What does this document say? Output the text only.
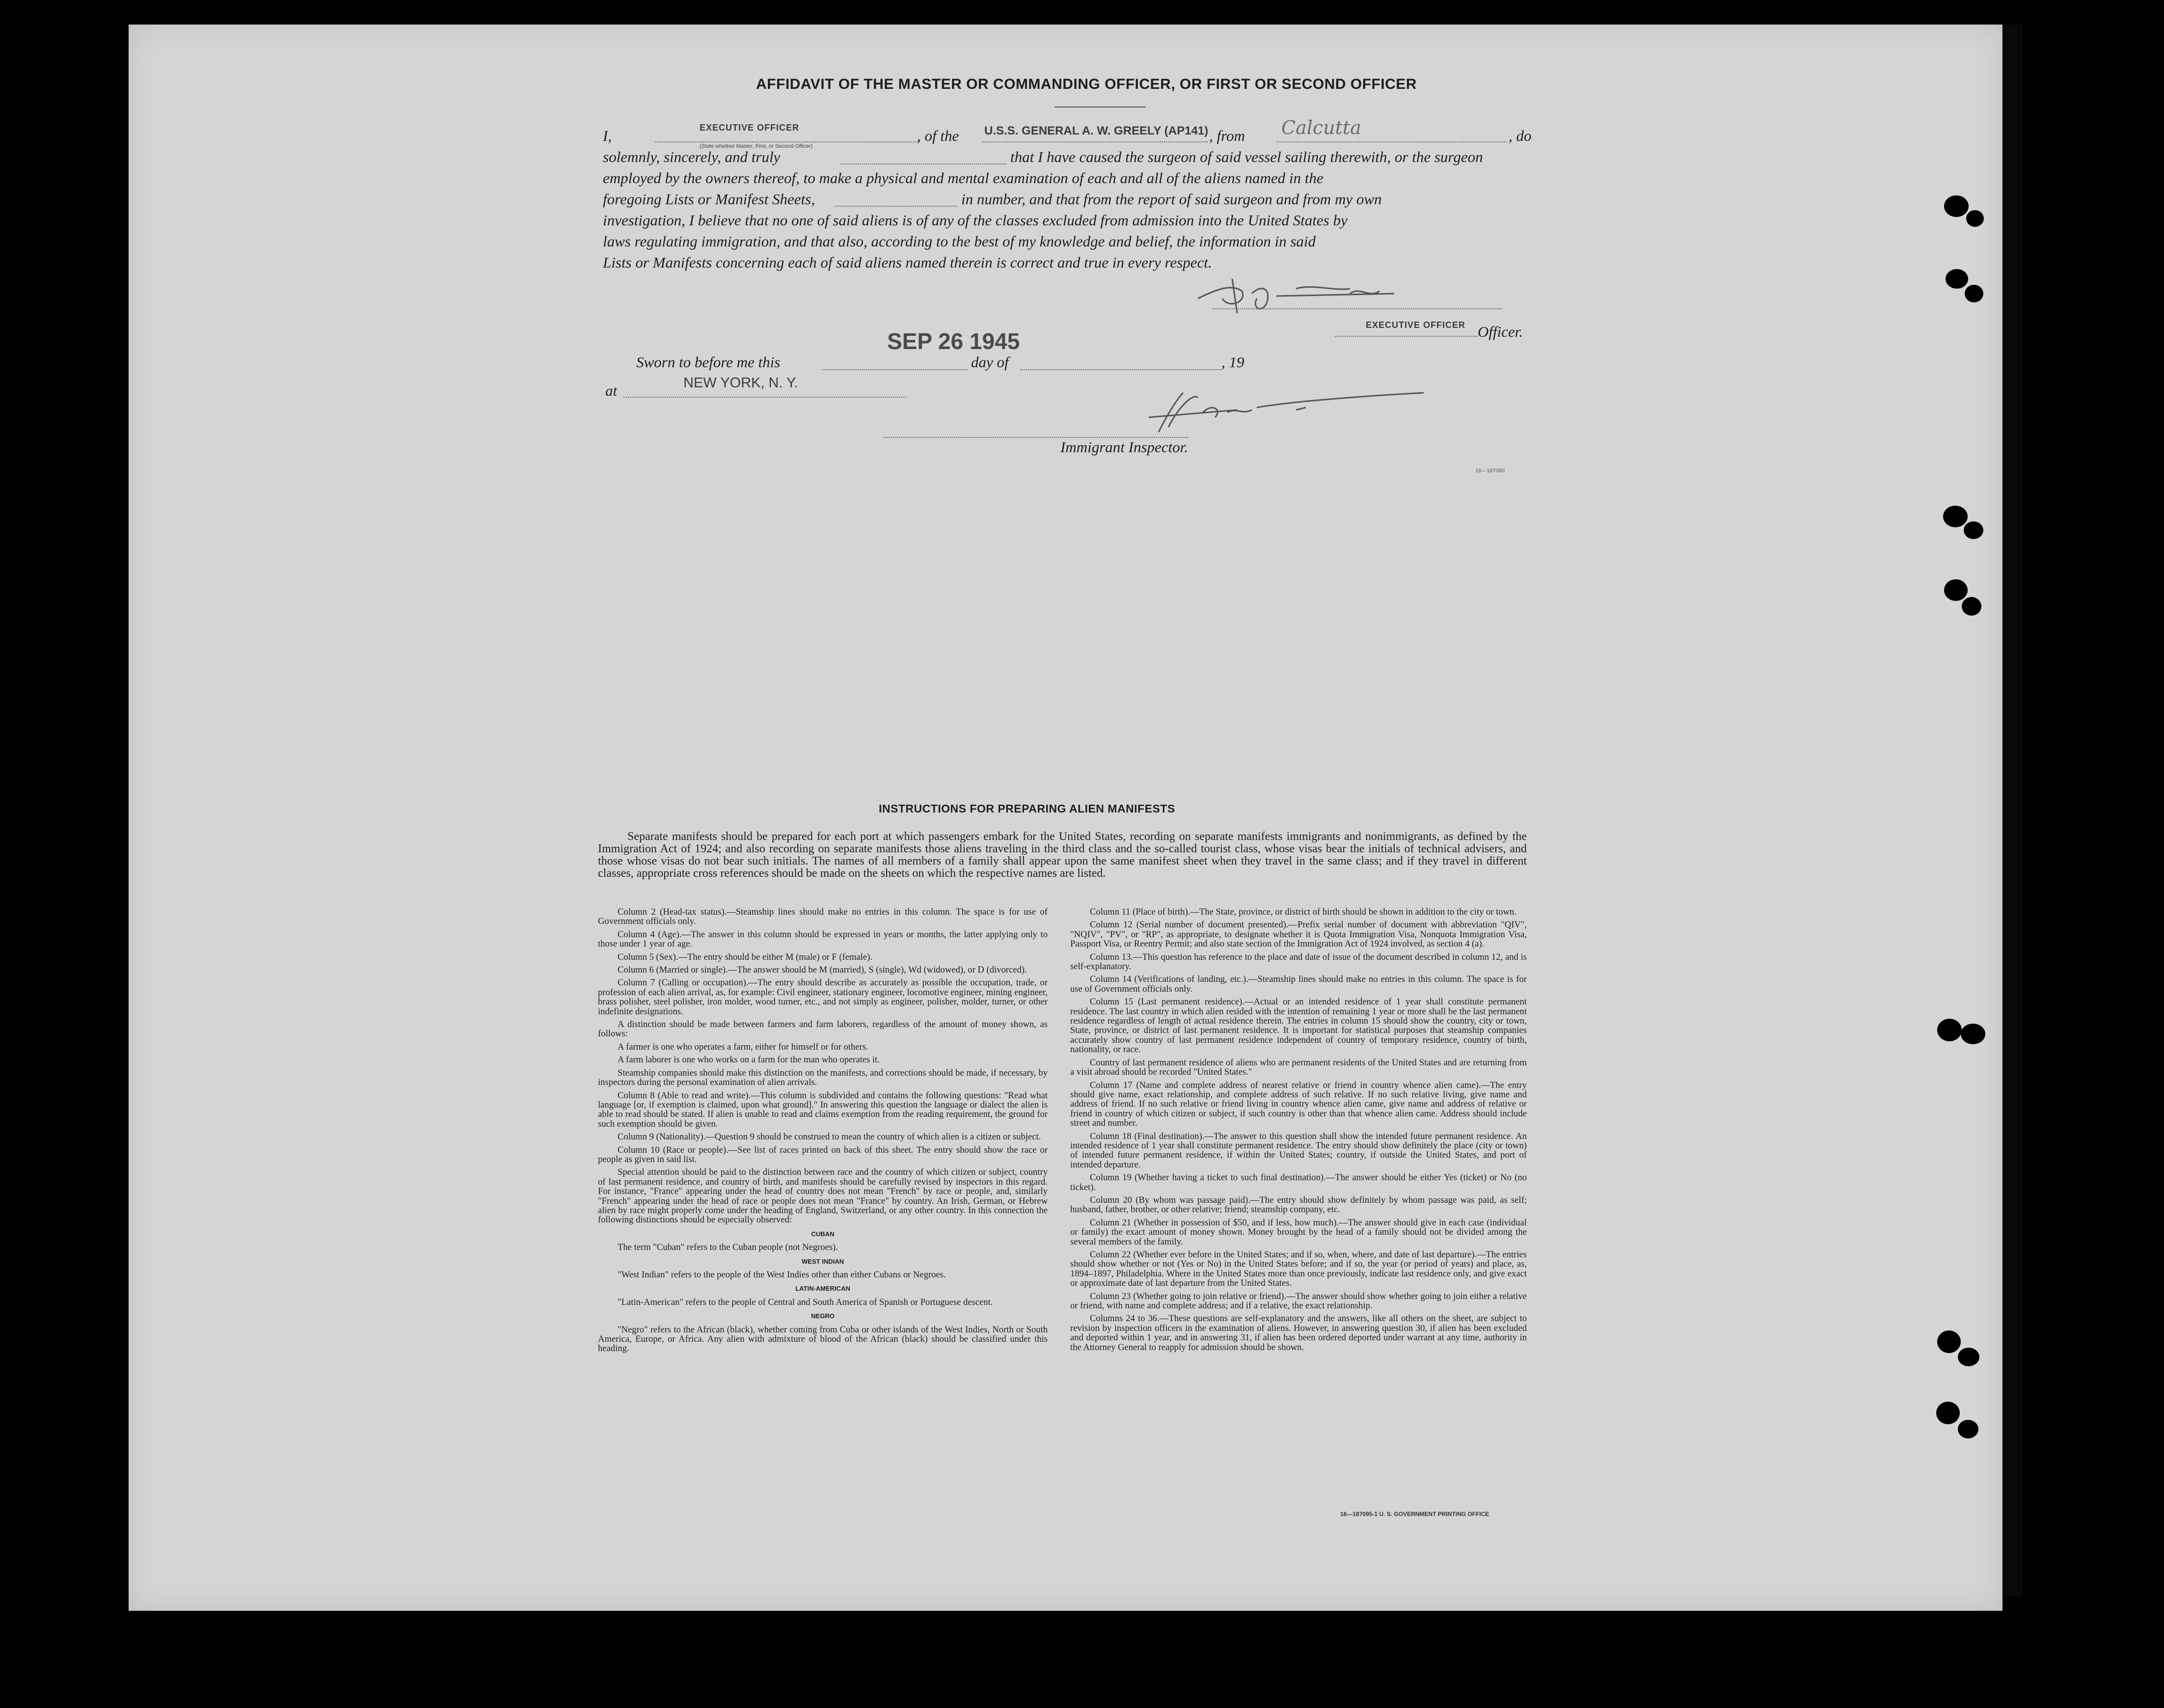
AFFIDAVIT OF THE MASTER OR COMMANDING OFFICER, OR FIRST OR SECOND OFFICER
I,	, of the	, from	, do
EXECUTIVE OFFICER
(State whether Master, First, or Second Officer)
U.S.S. GENERAL A. W. GREELY (AP141)	Calcutta
solemnly, sincerely, and truly	that I have caused the surgeon of said vessel sailing therewith, or the surgeon
employed by the owners thereof, to make a physical and mental examination of each and all of the aliens named in the
foregoing Lists or Manifest Sheets,	in number, and that from the report of said surgeon and from my own
investigation, I believe that no one of said aliens is of any of the classes excluded from admission into the United States by
laws regulating immigration, and that also, according to the best of my knowledge and belief, the information in said
Lists or Manifests concerning each of said aliens named therein is correct and true in every respect.
EXECUTIVE OFFICER Officer.
SEP 26 1945
Sworn to before me this	day of	, 19
at	NEW YORK, N. Y.
Immigrant Inspector.
16—187060
INSTRUCTIONS FOR PREPARING ALIEN MANIFESTS
Separate manifests should be prepared for each port at which passengers embark for the United States, recording on separate manifests immigrants and nonimmigrants, as defined by the Immigration Act of 1924; and also recording on separate manifests those aliens traveling in the third class and the so-called tourist class, whose visas bear the initials of technical advisers, and those whose visas do not bear such initials. The names of all members of a family shall appear upon the same manifest sheet when they travel in the same class; and if they travel in different classes, appropriate cross references should be made on the sheets on which the respective names are listed.

Column 2 (Head-tax status).—Steamship lines should make no entries in this column. The space is for use of Government officials only.

Column 4 (Age).—The answer in this column should be expressed in years or months, the latter applying only to those under 1 year of age.

Column 5 (Sex).—The entry should be either M (male) or F (female).

Column 6 (Married or single).—The answer should be M (married), S (single), Wd (widowed), or D (divorced).

Column 7 (Calling or occupation).—The entry should describe as accurately as possible the occupation, trade, or profession of each alien arrival, as, for example: Civil engineer, stationary engineer, locomotive engineer, mining engineer, brass polisher, steel polisher, iron molder, wood turner, etc., and not simply as engineer, polisher, molder, turner, or other indefinite designations.

A distinction should be made between farmers and farm laborers, regardless of the amount of money shown, as follows:

A farmer is one who operates a farm, either for himself or for others.

A farm laborer is one who works on a farm for the man who operates it.

Steamship companies should make this distinction on the manifests, and corrections should be made, if necessary, by inspectors during the personal examination of alien arrivals.

Column 8 (Able to read and write).—This column is subdivided and contains the following questions: "Read what language [or, if exemption is claimed, upon what ground]." In answering this question the language or dialect the alien is able to read should be stated. If alien is unable to read and claims exemption from the reading requirement, the ground for such exemption should be given.

Column 9 (Nationality).—Question 9 should be construed to mean the country of which alien is a citizen or subject.

Column 10 (Race or people).—See list of races printed on back of this sheet. The entry should show the race or people as given in said list.

Special attention should be paid to the distinction between race and the country of which citizen or subject, country of last permanent residence, and country of birth, and manifests should be carefully revised by inspectors in this regard. For instance, "France" appearing under the head of country does not mean "French" by race or people, and, similarly "French" appearing under the head of race or people does not mean "France" by country. An Irish, German, or Hebrew alien by race might properly come under the heading of England, Switzerland, or any other country. In this connection the following distinctions should be especially observed:

CUBAN

The term "Cuban" refers to the Cuban people (not Negroes).

WEST INDIAN

"West Indian" refers to the people of the West Indies other than either Cubans or Negroes.

LATIN-AMERICAN

"Latin-American" refers to the people of Central and South America of Spanish or Portuguese descent.

NEGRO

"Negro" refers to the African (black), whether coming from Cuba or other islands of the West Indies, North or South America, Europe, or Africa. Any alien with admixture of blood of the African (black) should be classified under this heading.

Column 11 (Place of birth).—The State, province, or district of birth should be shown in addition to the city or town.

Column 12 (Serial number of document presented).—Prefix serial number of document with abbreviation "QIV", "NQIV", "PV", or "RP", as appropriate, to designate whether it is Quota Immigration Visa, Nonquota Immigration Visa, Passport Visa, or Reentry Permit; and also state section of the Immigration Act of 1924 involved, as section 4 (a).

Column 13.—This question has reference to the place and date of issue of the document described in column 12, and is self-explanatory.

Column 14 (Verifications of landing, etc.).—Steamship lines should make no entries in this column. The space is for use of Government officials only.

Column 15 (Last permanent residence).—Actual or an intended residence of 1 year shall constitute permanent residence. The last country in which alien resided with the intention of remaining 1 year or more shall be the last permanent residence regardless of length of actual residence therein. The entries in column 15 should show the country, city or town, State, province, or district of last permanent residence. It is important for statistical purposes that steamship companies accurately show country of last permanent residence independent of country of temporary residence, country of birth, nationality, or race.

Country of last permanent residence of aliens who are permanent residents of the United States and are returning from a visit abroad should be recorded "United States."

Column 17 (Name and complete address of nearest relative or friend in country whence alien came).—The entry should give name, exact relationship, and complete address of such relative. If no such relative living, give name and address of friend. If no such relative or friend living in country whence alien came, give name and address of relative or friend in country of which citizen or subject, if such country is other than that whence alien came. Address should include street and number.

Column 18 (Final destination).—The answer to this question shall show the intended future permanent residence. An intended residence of 1 year shall constitute permanent residence. The entry should show definitely the place (city or town) of intended future permanent residence, if within the United States; country, if outside the United States, and port of intended departure.

Column 19 (Whether having a ticket to such final destination).—The answer should be either Yes (ticket) or No (no ticket).

Column 20 (By whom was passage paid).—The entry should show definitely by whom passage was paid, as self; husband, father, brother, or other relative; friend; steamship company, etc.

Column 21 (Whether in possession of $50, and if less, how much).—The answer should give in each case (individual or family) the exact amount of money shown. Money brought by the head of a family should not be divided among the several members of the family.

Column 22 (Whether ever before in the United States; and if so, when, where, and date of last departure).—The entries should show whether or not (Yes or No) in the United States before; and if so, the year (or period of years) and place, as, 1894–1897, Philadelphia. Where in the United States more than once previously, indicate last residence only, and give exact or approximate date of last departure from the United States.

Column 23 (Whether going to join relative or friend).—The answer should show whether going to join either a relative or friend, with name and complete address; and if a relative, the exact relationship.

Columns 24 to 36.—These questions are self-explanatory and the answers, like all others on the sheet, are subject to revision by inspection officers in the examination of aliens. However, in answering question 30, if alien has been excluded and deported within 1 year, and in answering 31, if alien has been ordered deported under warrant at any time, authority in the Attorney General to reapply for admission should be shown.

16—187095-1 U. S. GOVERNMENT PRINTING OFFICE
